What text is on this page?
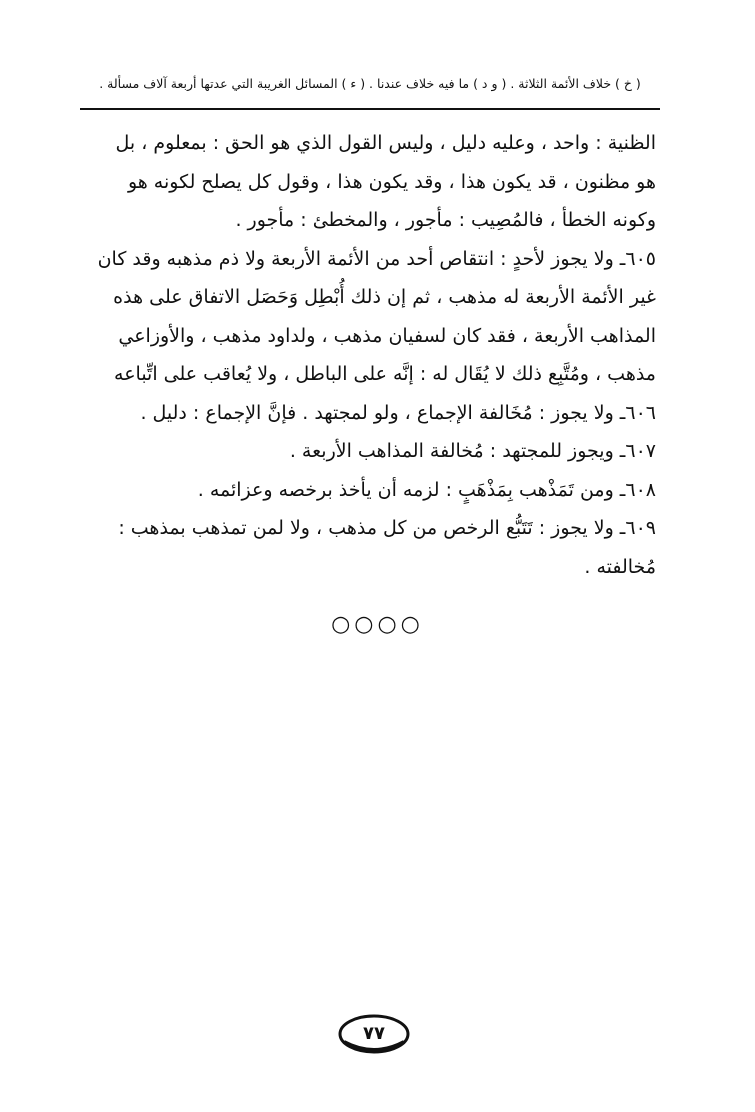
( خ ) خلاف الأئمة الثلاثة . ( و د ) ما فيه خلاف عندنا . ( ء ) المسائل الغريبة التي عدتها أربعة آلاف مسألة .
الظنية : واحد ، وعليه دليل ، وليس القول الذي هو الحق : بمعلوم ، بل
هو مظنون ، قد يكون هذا ، وقد يكون هذا ، وقول كل يصلح لكونه هو
وكونه الخطأ ، فالمُصِيب : مأجور ، والمخطئ : مأجور .
٦٠٥ـ ولا يجوز لأحدٍ : انتقاص أحد من الأئمة الأربعة ولا ذم مذهبه وقد كان
غير الأئمة الأربعة له مذهب ، ثم إن ذلك أُبْطِل وَحَصَل الاتفاق على هذه
المذاهب الأربعة ، فقد كان لسفيان مذهب ، ولداود مذهب ، والأوزاعي
مذهب ، ومُتَّبِع ذلك لا يُقَال له : إنَّه على الباطل ، ولا يُعاقب على اتِّباعه
٦٠٦ـ ولا يجوز : مُخَالفة الإجماع ، ولو لمجتهد . فإنَّ الإجماع : دليل .
٦٠٧ـ ويجوز للمجتهد : مُخالفة المذاهب الأربعة .
٦٠٨ـ ومن تَمَذْهب بِمَذْهَبٍ : لزمه أن يأخذ برخصه وعزائمه .
٦٠٩ـ ولا يجوز : تَتَبُّع الرخص من كل مذهب ، ولا لمن تمذهب بمذهب :
مُخالفته .
○○○○
٧٧
